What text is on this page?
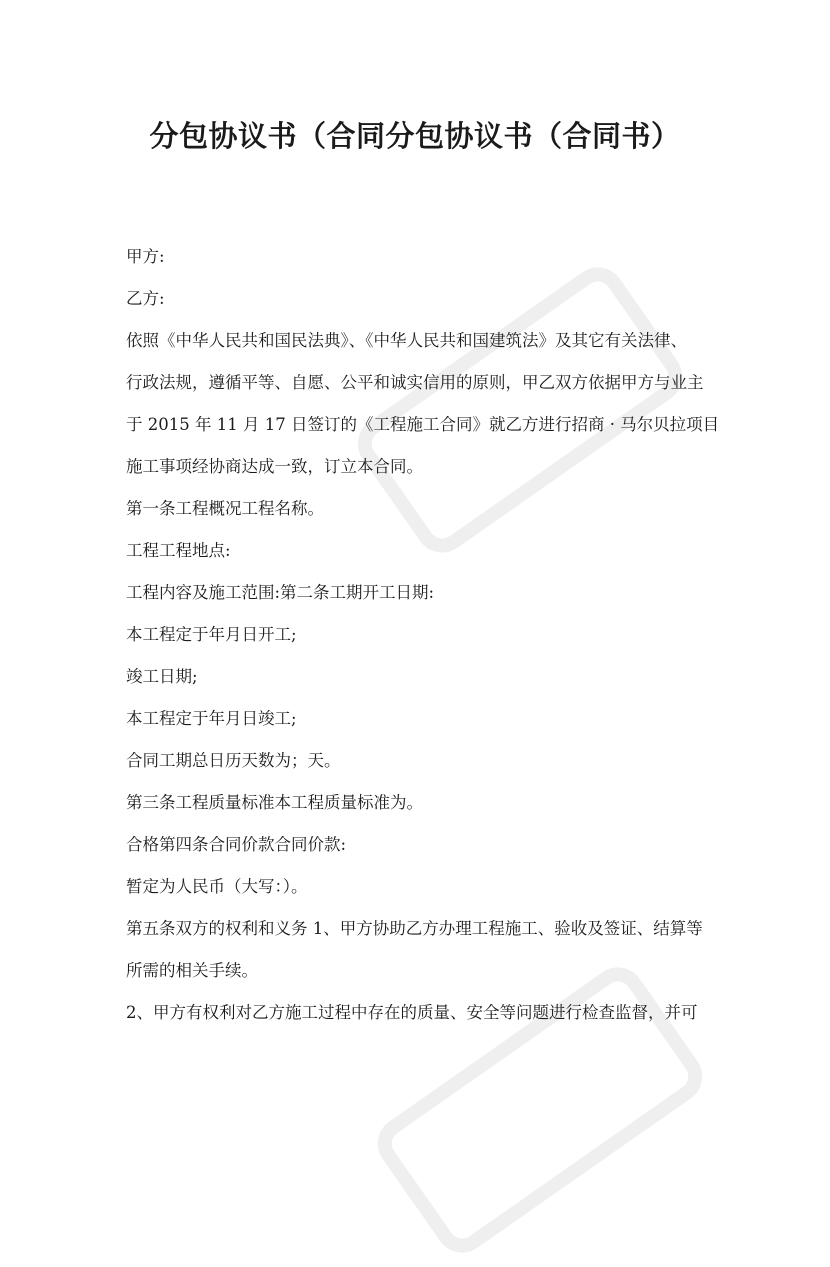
分包协议书（合同分包协议书（合同书）

甲方:

乙方:

依照《中华人民共和国民法典》、《中华人民共和国建筑法》及其它有关法律、

行政法规，遵循平等、自愿、公平和诚实信用的原则，甲乙双方依据甲方与业主

于 2015 年 11 月 17 日签订的《工程施工合同》就乙方进行招商 · 马尔贝拉项目

施工事项经协商达成一致，订立本合同。

第一条工程概况工程名称。

工程工程地点:

工程内容及施工范围:第二条工期开工日期:

本工程定于年月日开工;

竣工日期;

本工程定于年月日竣工;

合同工期总日历天数为；天。

第三条工程质量标准本工程质量标准为。

合格第四条合同价款合同价款:

暂定为人民币（大写：）。

第五条双方的权利和义务 1、甲方协助乙方办理工程施工、验收及签证、结算等

所需的相关手续。

2、甲方有权利对乙方施工过程中存在的质量、安全等问题进行检查监督，并可
